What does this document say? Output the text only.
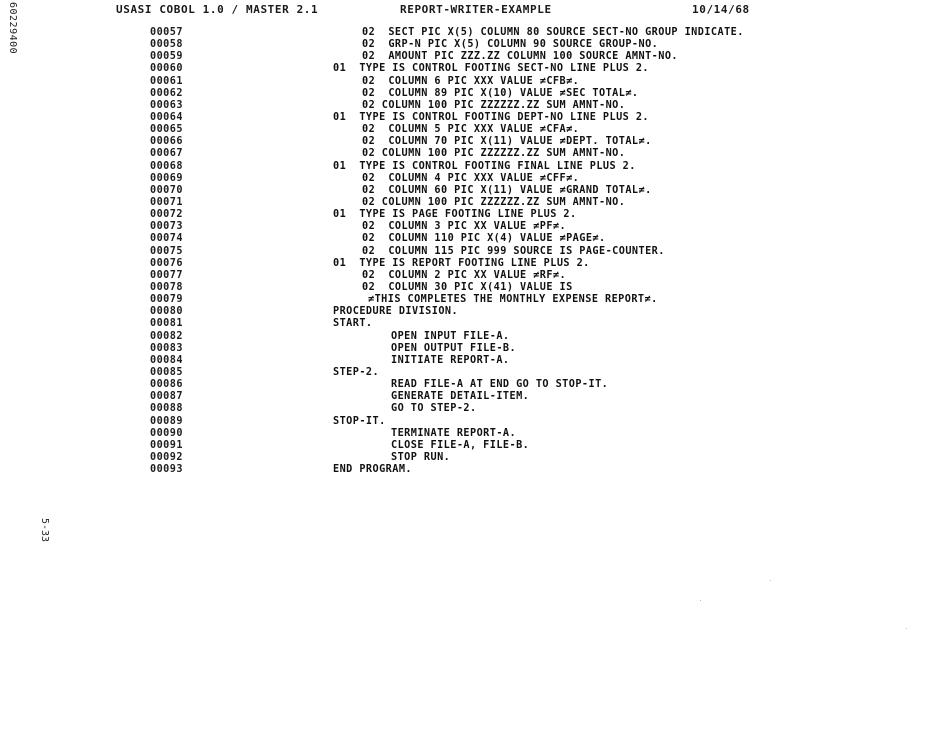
60229400
5-33
USASI COBOL 1.0 / MASTER 2.1	REPORT-WRITER-EXAMPLE	10/14/68
00057	02  SECT PIC X(5) COLUMN 80 SOURCE SECT-NO GROUP INDICATE.
00058	02  GRP-N PIC X(5) COLUMN 90 SOURCE GROUP-NO.
00059	02  AMOUNT PIC ZZZ.ZZ COLUMN 100 SOURCE AMNT-NO.
00060	01  TYPE IS CONTROL FOOTING SECT-NO LINE PLUS 2.
00061	02  COLUMN 6 PIC XXX VALUE ≠CFB≠.
00062	02  COLUMN 89 PIC X(10) VALUE ≠SEC TOTAL≠.
00063	02 COLUMN 100 PIC ZZZZZZ.ZZ SUM AMNT-NO.
00064	01  TYPE IS CONTROL FOOTING DEPT-NO LINE PLUS 2.
00065	02  COLUMN 5 PIC XXX VALUE ≠CFA≠.
00066	02  COLUMN 70 PIC X(11) VALUE ≠DEPT. TOTAL≠.
00067	02 COLUMN 100 PIC ZZZZZZ.ZZ SUM AMNT-NO.
00068	01  TYPE IS CONTROL FOOTING FINAL LINE PLUS 2.
00069	02  COLUMN 4 PIC XXX VALUE ≠CFF≠.
00070	02  COLUMN 60 PIC X(11) VALUE ≠GRAND TOTAL≠.
00071	02 COLUMN 100 PIC ZZZZZZ.ZZ SUM AMNT-NO.
00072	01  TYPE IS PAGE FOOTING LINE PLUS 2.
00073	02  COLUMN 3 PIC XX VALUE ≠PF≠.
00074	02  COLUMN 110 PIC X(4) VALUE ≠PAGE≠.
00075	02  COLUMN 115 PIC 999 SOURCE IS PAGE-COUNTER.
00076	01  TYPE IS REPORT FOOTING LINE PLUS 2.
00077	02  COLUMN 2 PIC XX VALUE ≠RF≠.
00078	02  COLUMN 30 PIC X(41) VALUE IS
00079	≠THIS COMPLETES THE MONTHLY EXPENSE REPORT≠.
00080	PROCEDURE DIVISION.
00081	START.
00082	OPEN INPUT FILE-A.
00083	OPEN OUTPUT FILE-B.
00084	INITIATE REPORT-A.
00085	STEP-2.
00086	READ FILE-A AT END GO TO STOP-IT.
00087	GENERATE DETAIL-ITEM.
00088	GO TO STEP-2.
00089	STOP-IT.
00090	TERMINATE REPORT-A.
00091	CLOSE FILE-A, FILE-B.
00092	STOP RUN.
00093	END PROGRAM.
